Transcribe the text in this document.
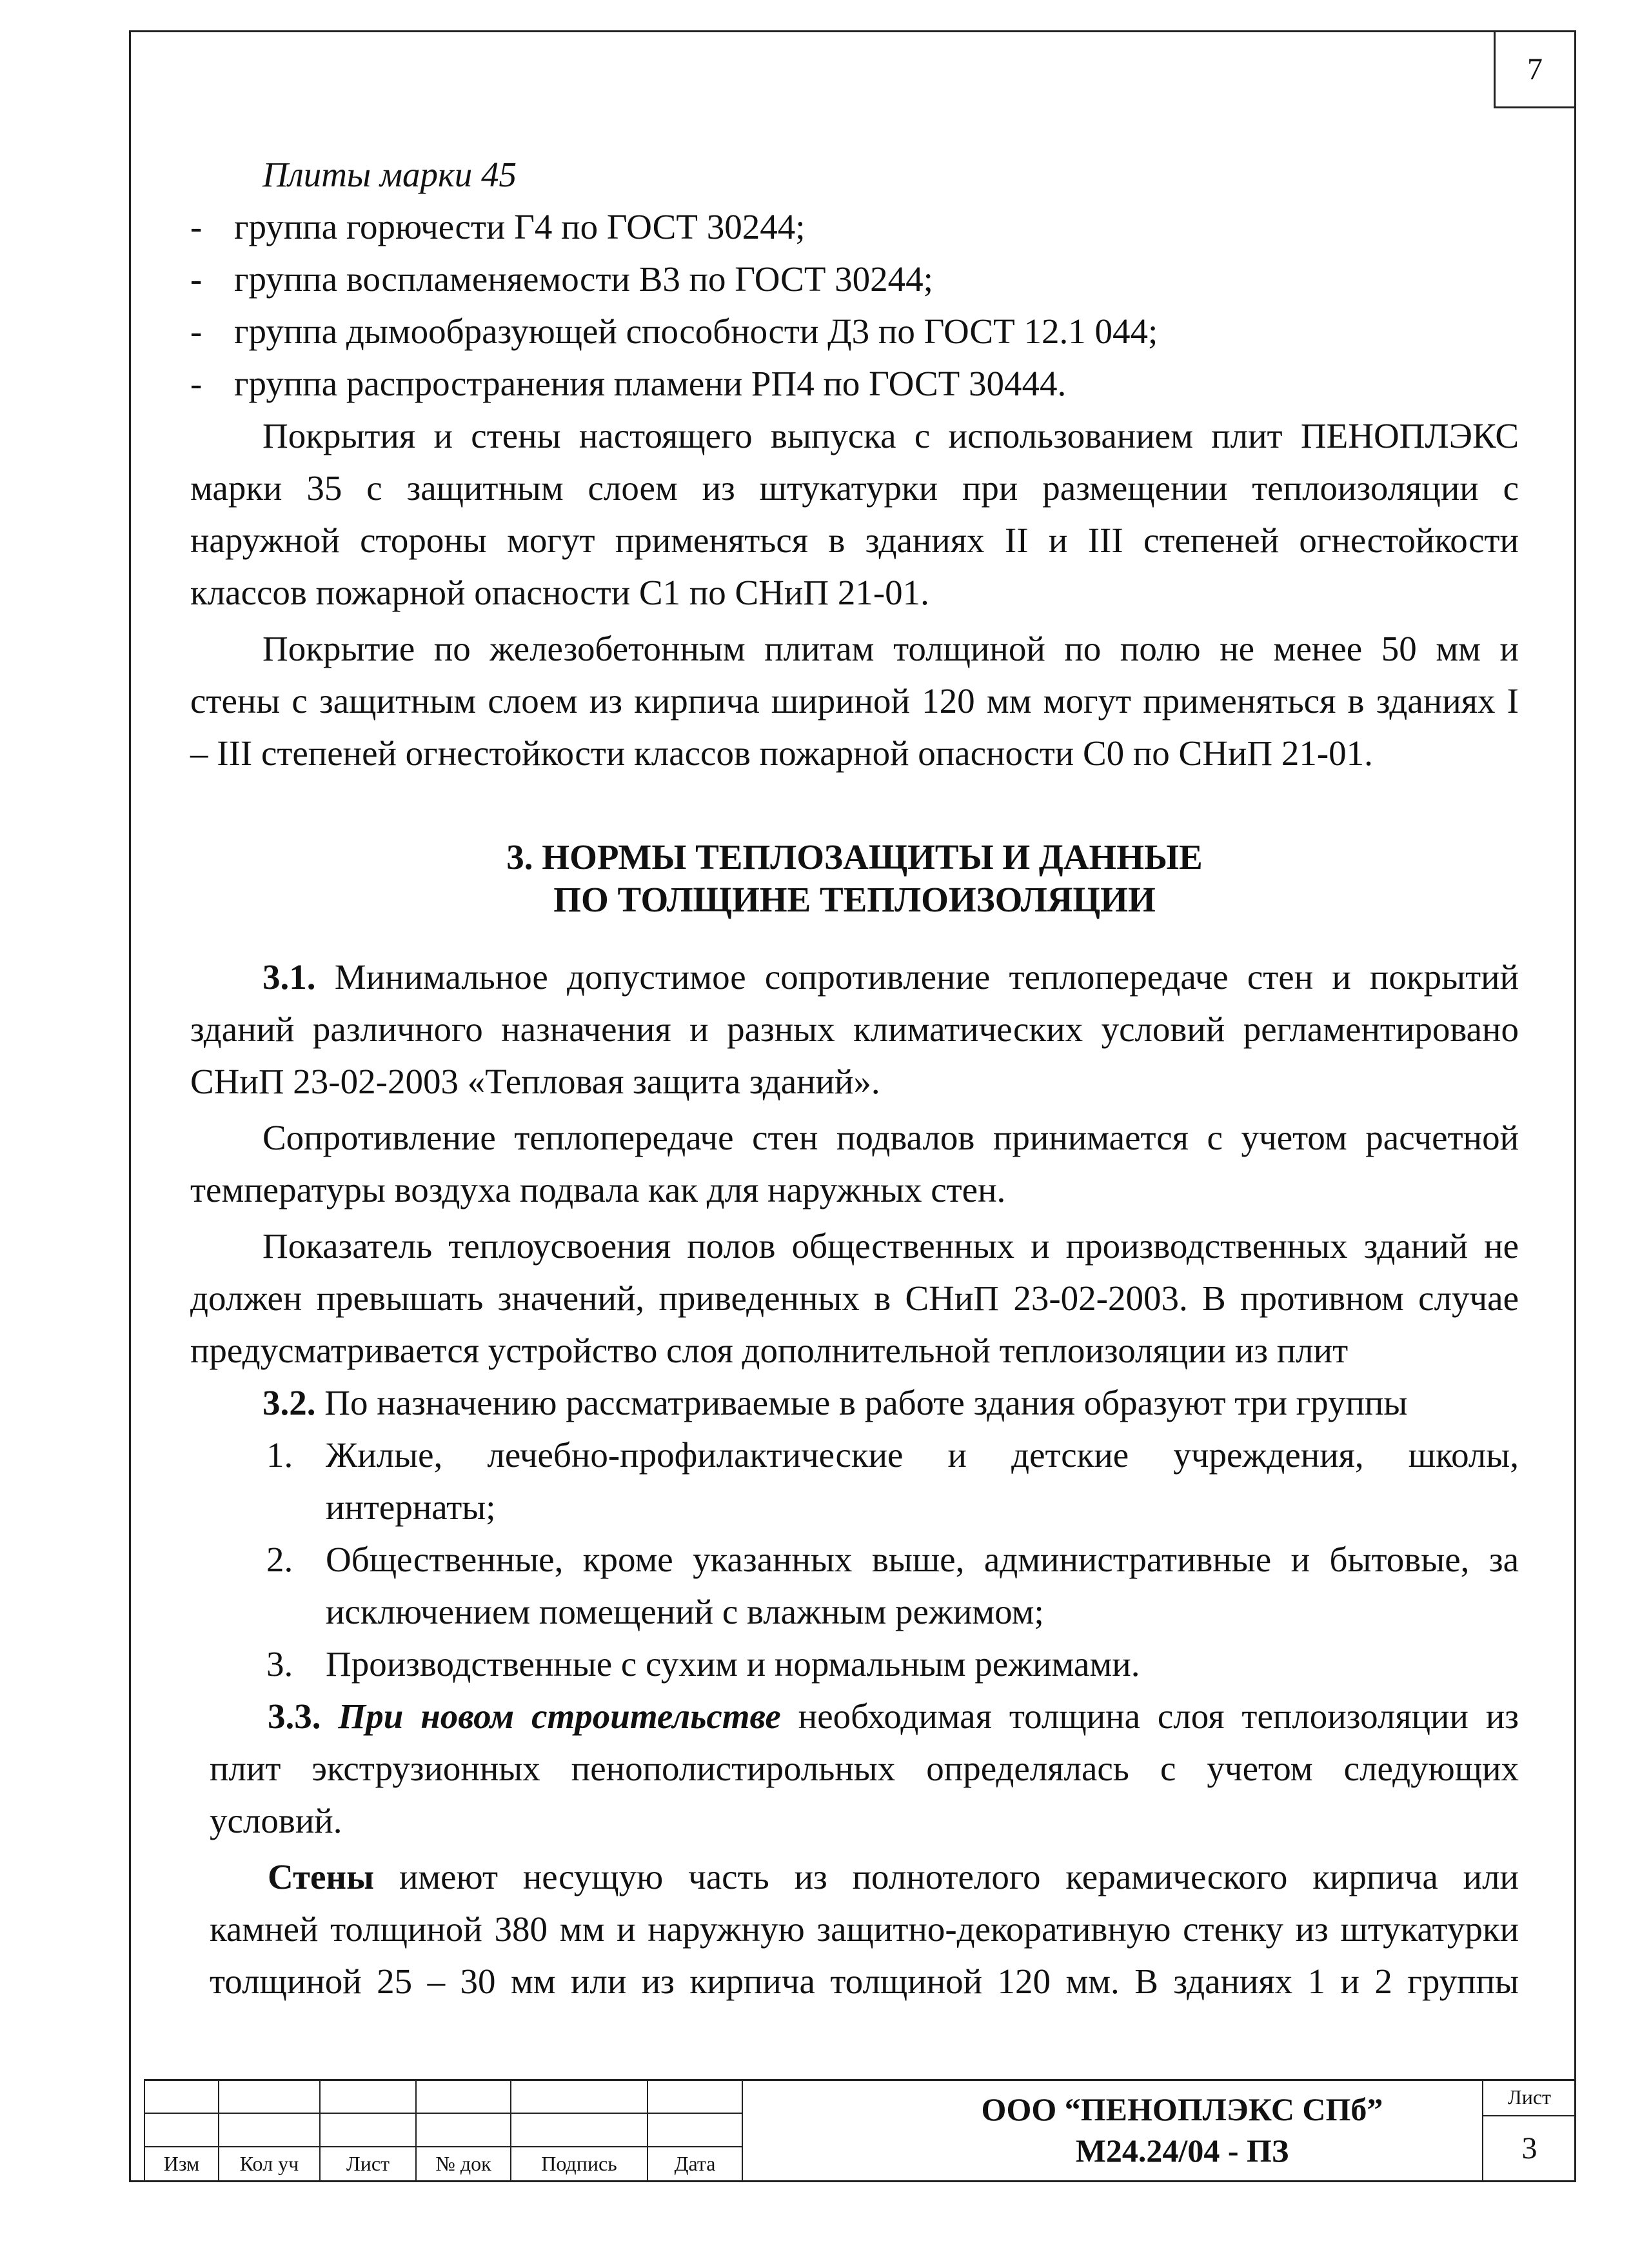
7
Плиты марки 45
- группа горючести Г4 по ГОСТ 30244;
- группа воспламеняемости В3 по ГОСТ 30244;
- группа дымообразующей способности Д3 по ГОСТ 12.1 044;
- группа распространения пламени РП4 по ГОСТ 30444.
Покрытия и стены настоящего выпуска с использованием плит ПЕНОПЛЭКС
марки 35 с защитным слоем из штукатурки при размещении теплоизоляции с
наружной стороны могут применяться в зданиях II и III степеней огнестойкости
классов пожарной опасности С1 по СНиП 21-01.
Покрытие по железобетонным плитам толщиной по полю не менее 50 мм и
стены с защитным слоем из кирпича шириной 120 мм могут применяться в зданиях I
– III степеней огнестойкости классов пожарной опасности С0 по СНиП 21-01.
3. НОРМЫ ТЕПЛОЗАЩИТЫ И ДАННЫЕ
ПО ТОЛЩИНЕ ТЕПЛОИЗОЛЯЦИИ
3.1. Минимальное допустимое сопротивление теплопередаче стен и покрытий
зданий различного назначения и разных климатических условий регламентировано
СНиП 23-02-2003 «Тепловая защита зданий».
Сопротивление теплопередаче стен подвалов принимается с учетом расчетной
температуры воздуха подвала как для наружных стен.
Показатель теплоусвоения полов общественных и производственных зданий не
должен превышать значений, приведенных в СНиП 23-02-2003. В противном случае
предусматривается устройство слоя дополнительной теплоизоляции из плит
3.2. По назначению рассматриваемые в работе здания образуют три группы
1. Жилые, лечебно-профилактические и детские учреждения, школы,
интернаты;
2. Общественные, кроме указанных выше, административные и бытовые, за
исключением помещений с влажным режимом;
3. Производственные с сухим и нормальным режимами.
3.3. При новом строительстве необходимая толщина слоя теплоизоляции из
плит экструзионных пенополистирольных определялась с учетом следующих
условий.
Стены имеют несущую часть из полнотелого керамического кирпича или
камней толщиной 380 мм и наружную защитно-декоративную стенку из штукатурки
толщиной 25 – 30 мм или из кирпича толщиной 120 мм. В зданиях 1 и 2 группы

Изм	Кол уч	Лист	№ док	Подпись	Дата
ООО “ПЕНОПЛЭКС СПб”
М24.24/04 - ПЗ
Лист
3
